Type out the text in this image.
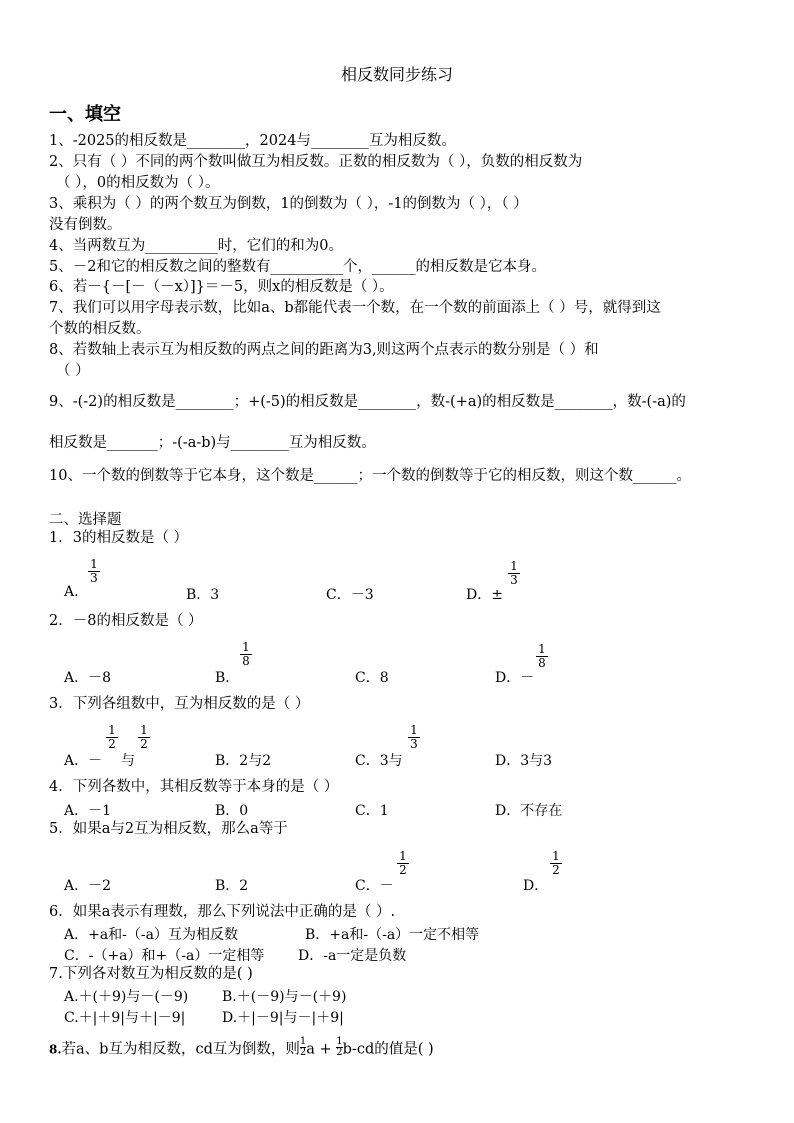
相反数同步练习
一、填空
1、-2025的相反数是________，2024与________互为相反数。
2、只有（ ）不同的两个数叫做互为相反数。正数的相反数为（ ），负数的相反数为
（ ），0的相反数为（ ）。
3、乘积为（ ）的两个数互为倒数，1的倒数为（ ），-1的倒数为（ ），（ ）
没有倒数。
4、当两数互为__________时，它们的和为0。
5、－2和它的相反数之间的整数有__________个，______的相反数是它本身。
6、若－{－[－（－x）]}＝－5，则x的相反数是（ ）。
7、我们可以用字母表示数，比如a、b都能代表一个数，在一个数的前面添上（ ）号，就得到这
个数的相反数。
8、若数轴上表示互为相反数的两点之间的距离为3,则这两个点表示的数分别是（ ）和
（ ）
9、-(-2)的相反数是________；+(-5)的相反数是________，数-(+a)的相反数是________，数-(-a)的
相反数是_______；-(-a-b)与________互为相反数。
10、一个数的倒数等于它本身，这个数是______；一个数的倒数等于它的相反数，则这个数______。
二、选择题
1．3的相反数是（ ）
A.
$\frac{1}{3}$
B．3	C．－3	D．±
$\frac{1}{3}$
2．－8的相反数是（ ）
A．－8	B．
$\frac{1}{8}$
C．8	D．－
$\frac{1}{8}$
3．下列各组数中，互为相反数的是（ ）
A．－
$\frac{1}{2}$
与
$\frac{1}{2}$
B．2与2	C．3与
$\frac{1}{3}$
D．3与3
4．下列各数中，其相反数等于本身的是（ ）
A．－1	B．0	C．1	D．不存在
5．如果a与2互为相反数，那么a等于
A．－2	B．2	C．－
$\frac{1}{2}$
D．
$\frac{1}{2}$
6．如果a表示有理数，那么下列说法中正确的是（ ）.
A．+a和-（-a）互为相反数	B．+a和-（-a）一定不相等
C．-（+a）和+（-a）一定相等 D．-a一定是负数
7.下列各对数互为相反数的是( )
A.＋(＋9)与－(－9) B.＋(－9)与－(＋9)
C.＋|＋9|与＋|－9|	D.＋|－9|与－|＋9|
8.若a、b互为相反数，cd互为倒数，则 $\frac{1}{2}$ $a + \frac{1}{2} b-cd$的值是( )
